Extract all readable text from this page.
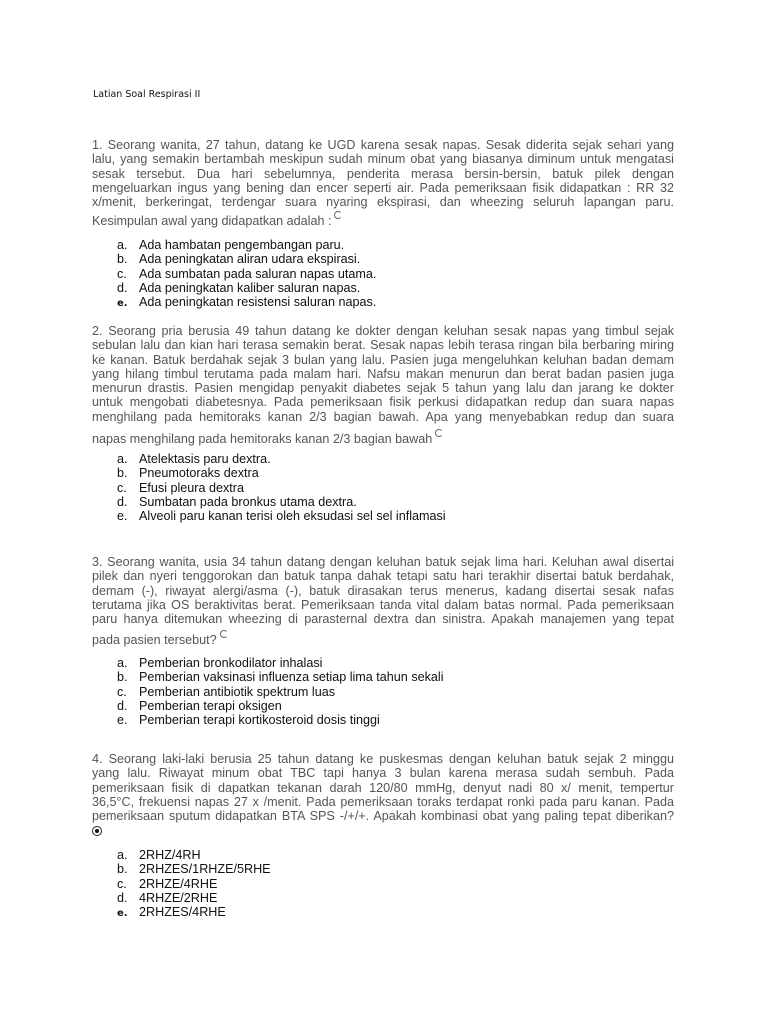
Latian Soal Respirasi II
1. Seorang wanita, 27 tahun, datang ke UGD karena sesak napas. Sesak diderita sejak sehari yang
lalu, yang semakin bertambah meskipun sudah minum obat yang biasanya diminum untuk mengatasi
sesak tersebut. Dua hari sebelumnya, penderita merasa bersin-bersin, batuk pilek dengan
mengeluarkan ingus yang bening dan encer seperti air. Pada pemeriksaan fisik didapatkan : RR 32
x/menit, berkeringat, terdengar suara nyaring ekspirasi, dan wheezing seluruh lapangan paru.
Kesimpulan awal yang didapatkan adalah :
a. Ada hambatan pengembangan paru.
b. Ada peningkatan aliran udara ekspirasi.
c. Ada sumbatan pada saluran napas utama.
d. Ada peningkatan kaliber saluran napas.
e. Ada peningkatan resistensi saluran napas.
2. Seorang pria berusia 49 tahun datang ke dokter dengan keluhan sesak napas yang timbul sejak
sebulan lalu dan kian hari terasa semakin berat. Sesak napas lebih terasa ringan bila berbaring miring
ke kanan. Batuk berdahak sejak 3 bulan yang lalu. Pasien juga mengeluhkan keluhan badan demam
yang hilang timbul terutama pada malam hari. Nafsu makan menurun dan berat badan pasien juga
menurun drastis. Pasien mengidap penyakit diabetes sejak 5 tahun yang lalu dan jarang ke dokter
untuk mengobati diabetesnya. Pada pemeriksaan fisik perkusi didapatkan redup dan suara napas
menghilang pada hemitoraks kanan 2/3 bagian bawah. Apa yang menyebabkan redup dan suara
napas menghilang pada hemitoraks kanan 2/3 bagian bawah
a. Atelektasis paru dextra.
b. Pneumotoraks dextra
c. Efusi pleura dextra
d. Sumbatan pada bronkus utama dextra.
e. Alveoli paru kanan terisi oleh eksudasi sel sel inflamasi
3. Seorang wanita, usia 34 tahun datang dengan keluhan batuk sejak lima hari. Keluhan awal disertai
pilek dan nyeri tenggorokan dan batuk tanpa dahak tetapi satu hari terakhir disertai batuk berdahak,
demam (-), riwayat alergi/asma (-), batuk dirasakan terus menerus, kadang disertai sesak nafas
terutama jika OS beraktivitas berat. Pemeriksaan tanda vital dalam batas normal. Pada pemeriksaan
paru hanya ditemukan wheezing di parasternal dextra dan sinistra. Apakah manajemen yang tepat
pada pasien tersebut?
a. Pemberian bronkodilator inhalasi
b. Pemberian vaksinasi influenza setiap lima tahun sekali
c. Pemberian antibiotik spektrum luas
d. Pemberian terapi oksigen
e. Pemberian terapi kortikosteroid dosis tinggi
4. Seorang laki-laki berusia 25 tahun datang ke puskesmas dengan keluhan batuk sejak 2 minggu
yang lalu. Riwayat minum obat TBC tapi hanya 3 bulan karena merasa sudah sembuh. Pada
pemeriksaan fisik di dapatkan tekanan darah 120/80 mmHg, denyut nadi 80 x/ menit, tempertur
36,5°C, frekuensi napas 27 x /menit. Pada pemeriksaan toraks terdapat ronki pada paru kanan. Pada
pemeriksaan sputum didapatkan BTA SPS -/+/+. Apakah kombinasi obat yang paling tepat diberikan?
a. 2RHZ/4RH
b. 2RHZES/1RHZE/5RHE
c. 2RHZE/4RHE
d. 4RHZE/2RHE
e. 2RHZES/4RHE
